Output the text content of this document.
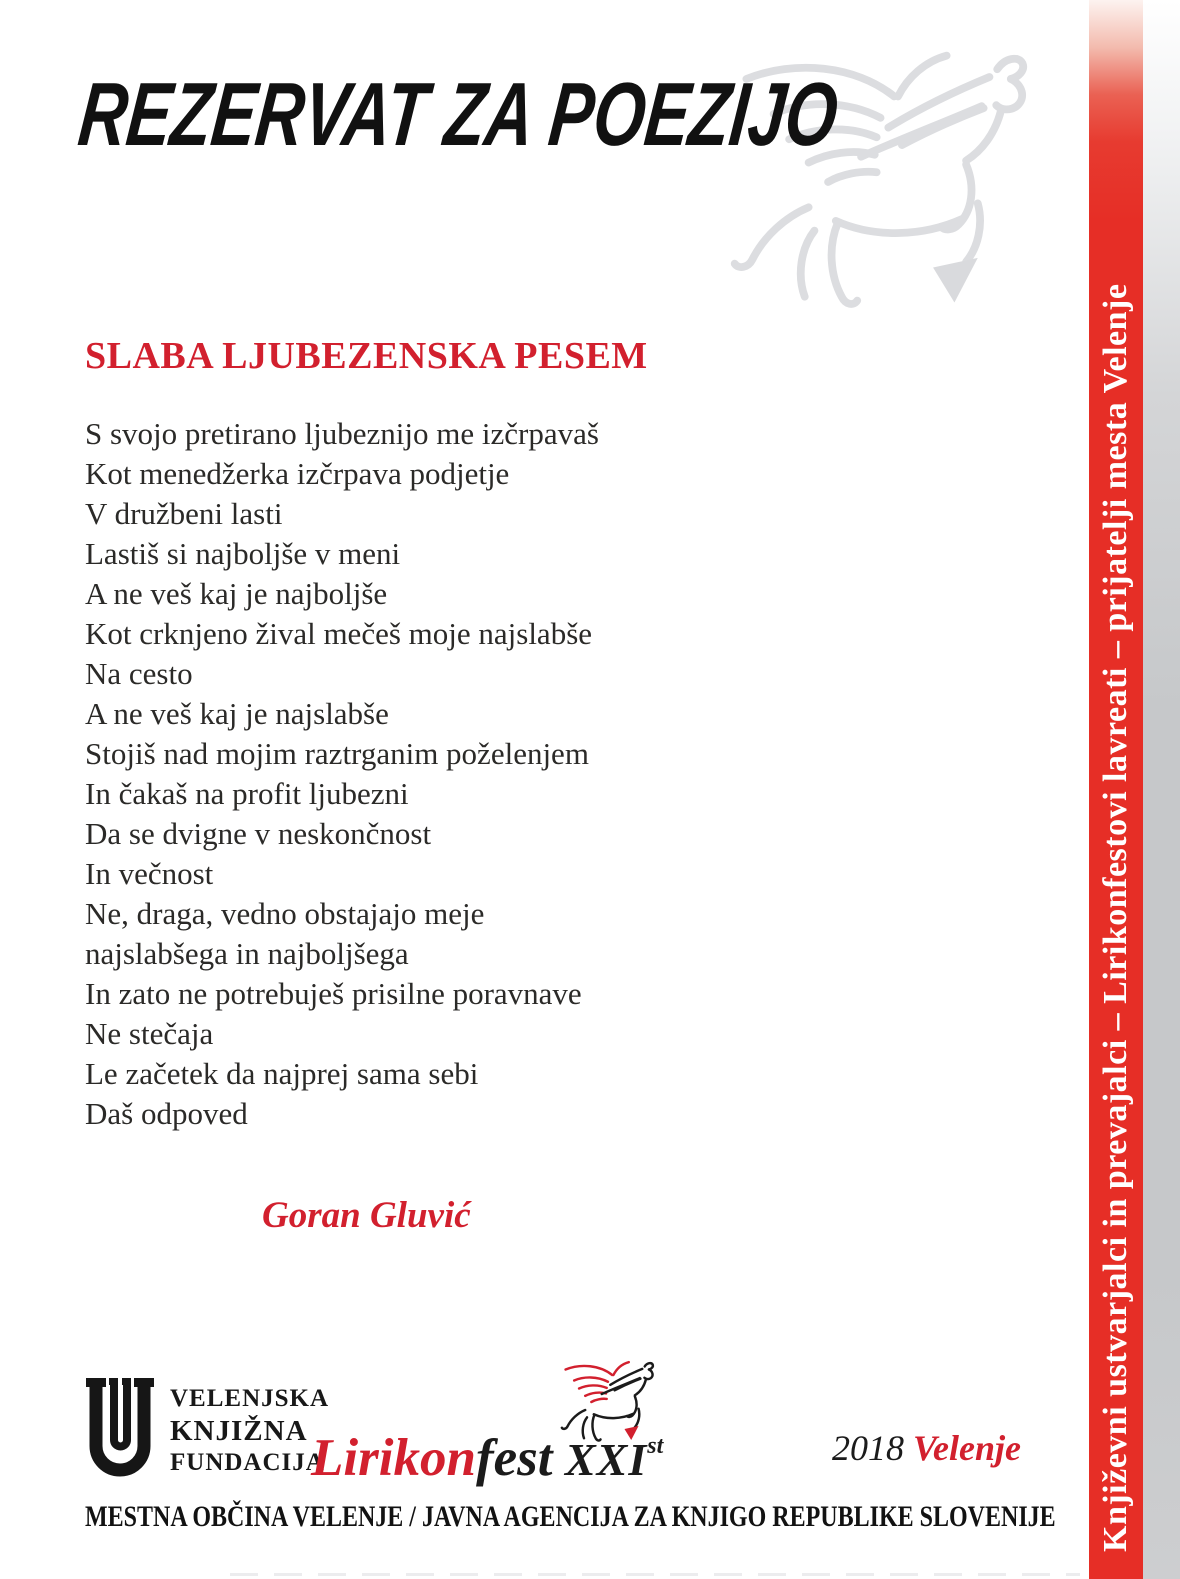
REZERVAT ZA POEZIJO
SLABA LJUBEZENSKA PESEM
S svojo pretirano ljubeznijo me izčrpavaš
Kot menedžerka izčrpava podjetje
V družbeni lasti
Lastiš si najboljše v meni
A ne veš kaj je najboljše
Kot crknjeno žival mečeš moje najslabše
Na cesto
A ne veš kaj je najslabše
Stojiš nad mojim raztrganim poželenjem
In čakaš na profit ljubezni
Da se dvigne v neskončnost
In večnost
Ne, draga, vedno obstajajo meje
najslabšega in najboljšega
In zato ne potrebuješ prisilne poravnave
Ne stečaja
Le začetek da najprej sama sebi
Daš odpoved
Goran Gluvić	Književni ustvarjalci in prevajalci – Lirikonfestovi lavreati – prijatelji mesta Velenje
VELENJSKA
KNJIŽNA
FUNDACIJA
Lirikonfest XXIst	2018 Velenje
MESTNA OBČINA VELENJE / JAVNA AGENCIJA ZA KNJIGO REPUBLIKE SLOVENIJE
